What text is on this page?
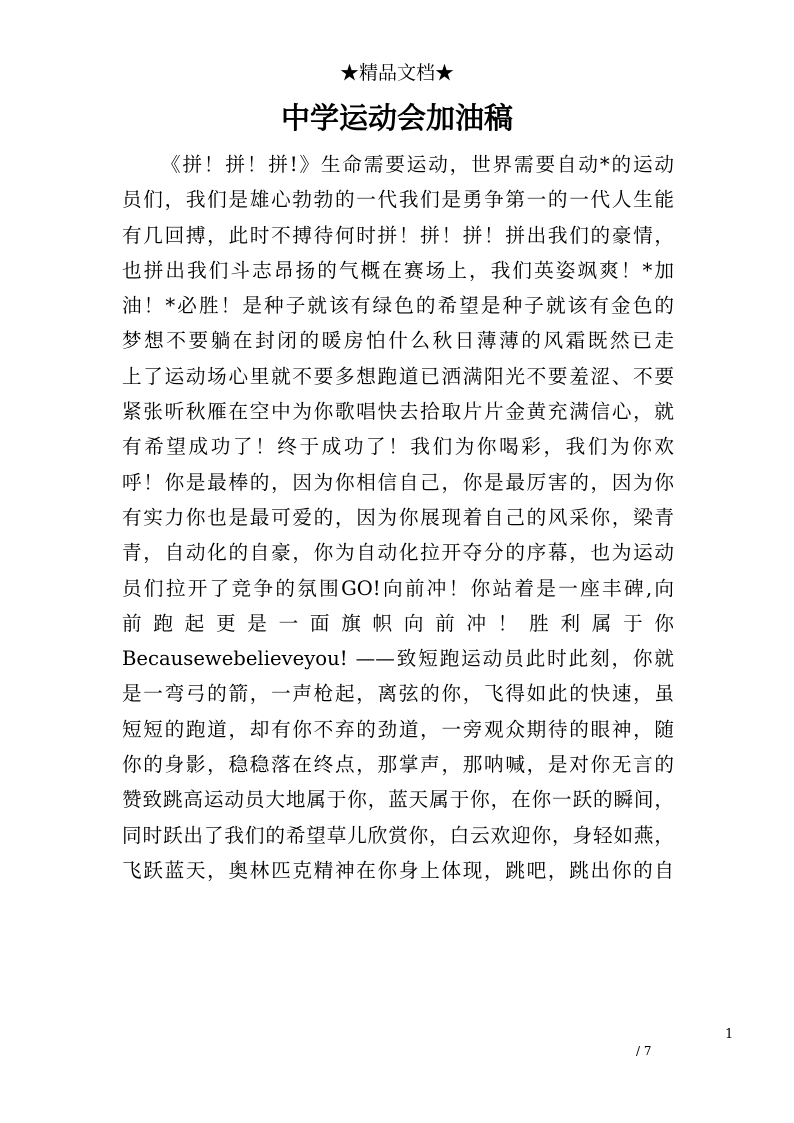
★精品文档★
中学运动会加油稿
《拼！拼！拼!》生命需要运动，世界需要自动*的运动
员们，我们是雄心勃勃的一代我们是勇争第一的一代人生能
有几回搏，此时不搏待何时拼！拼！拼！拼出我们的豪情，
也拼出我们斗志昂扬的气概在赛场上，我们英姿飒爽！*加
油！*必胜！是种子就该有绿色的希望是种子就该有金色的
梦想不要躺在封闭的暖房怕什么秋日薄薄的风霜既然已走
上了运动场心里就不要多想跑道已洒满阳光不要羞涩、不要
紧张听秋雁在空中为你歌唱快去拾取片片金黄充满信心，就
有希望成功了！终于成功了！我们为你喝彩，我们为你欢
呼！你是最棒的，因为你相信自己，你是最厉害的，因为你
有实力你也是最可爱的，因为你展现着自己的风采你，梁青
青，自动化的自豪，你为自动化拉开夺分的序幕，也为运动
员们拉开了竞争的氛围GO!向前冲！你站着是一座丰碑,向
前 跑 起 更 是 一 面 旗 帜 向 前 冲 ！ 胜 利 属 于 你
Becausewebelieveyou! ——致短跑运动员此时此刻，你就
是一弯弓的箭，一声枪起，离弦的你，飞得如此的快速，虽
短短的跑道，却有你不弃的劲道，一旁观众期待的眼神，随
你的身影，稳稳落在终点，那掌声，那呐喊，是对你无言的
赞致跳高运动员大地属于你，蓝天属于你，在你一跃的瞬间，
同时跃出了我们的希望草儿欣赏你，白云欢迎你，身轻如燕，
飞跃蓝天，奥林匹克精神在你身上体现，跳吧，跳出你的自
1
/ 7
